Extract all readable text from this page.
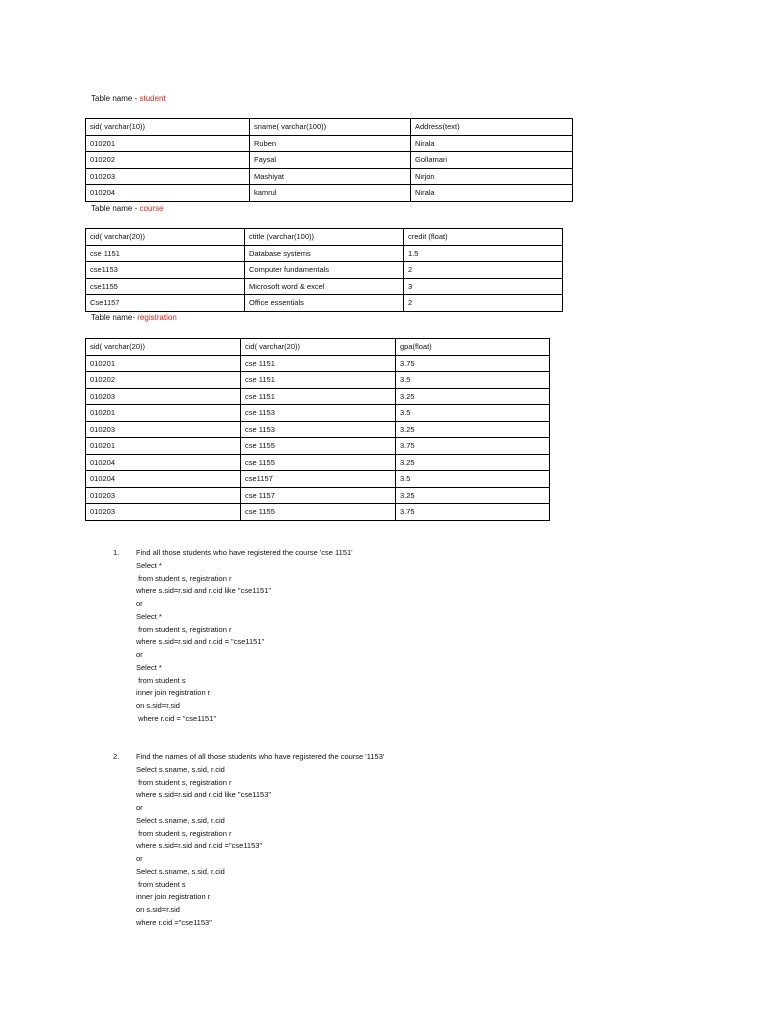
Table name - student
sid( varchar(10))	sname( varchar(100))	Address(text)
010201	Ruben	Nirala
010202	Faysal	Gollamari
010203	Mashiyat	Nirjon
010204	kamrul	Nirala
Table name - course
cid( varchar(20))	ctitle (varchar(100))	credit (float)
cse 1151	Database systems	1.5
cse1153	Computer fundamentals	2
cse1155	Microsoft word & excel	3
Cse1157	Office essentials	2
Table name- registration
sid( varchar(20))	cid( varchar(20))	gpa(float)
010201	cse 1151	3.75
010202	cse 1151	3.5
010203	cse 1151	3.25
010201	cse 1153	3.5
010203	cse 1153	3.25
010201	cse 1155	3.75
010204	cse 1155	3.25
010204	cse1157	3.5
010203	cse 1157	3.25
010203	cse 1155	3.75
1. Find all those students who have registered the course 'cse 1151'
Select *
from student s, registration r
where s.sid=r.sid and r.cid like "cse1151"
or
Select *
from student s, registration r
where s.sid=r.sid and r.cid = "cse1151"
or
Select *
from student s
inner join registration r
on s.sid=r.sid
where r.cid = "cse1151"
2. Find the names of all those students who have registered the course '1153'
Select s.sname, s.sid, r.cid
from student s, registration r
where s.sid=r.sid and r.cid like "cse1153"
or
Select s.sname, s.sid, r.cid
from student s, registration r
where s.sid=r.sid and r.cid ="cse1153"
or
Select s.sname, s.sid, r.cid
from student s
inner join registration r
on s.sid=r.sid
where r.cid ="cse1153"
